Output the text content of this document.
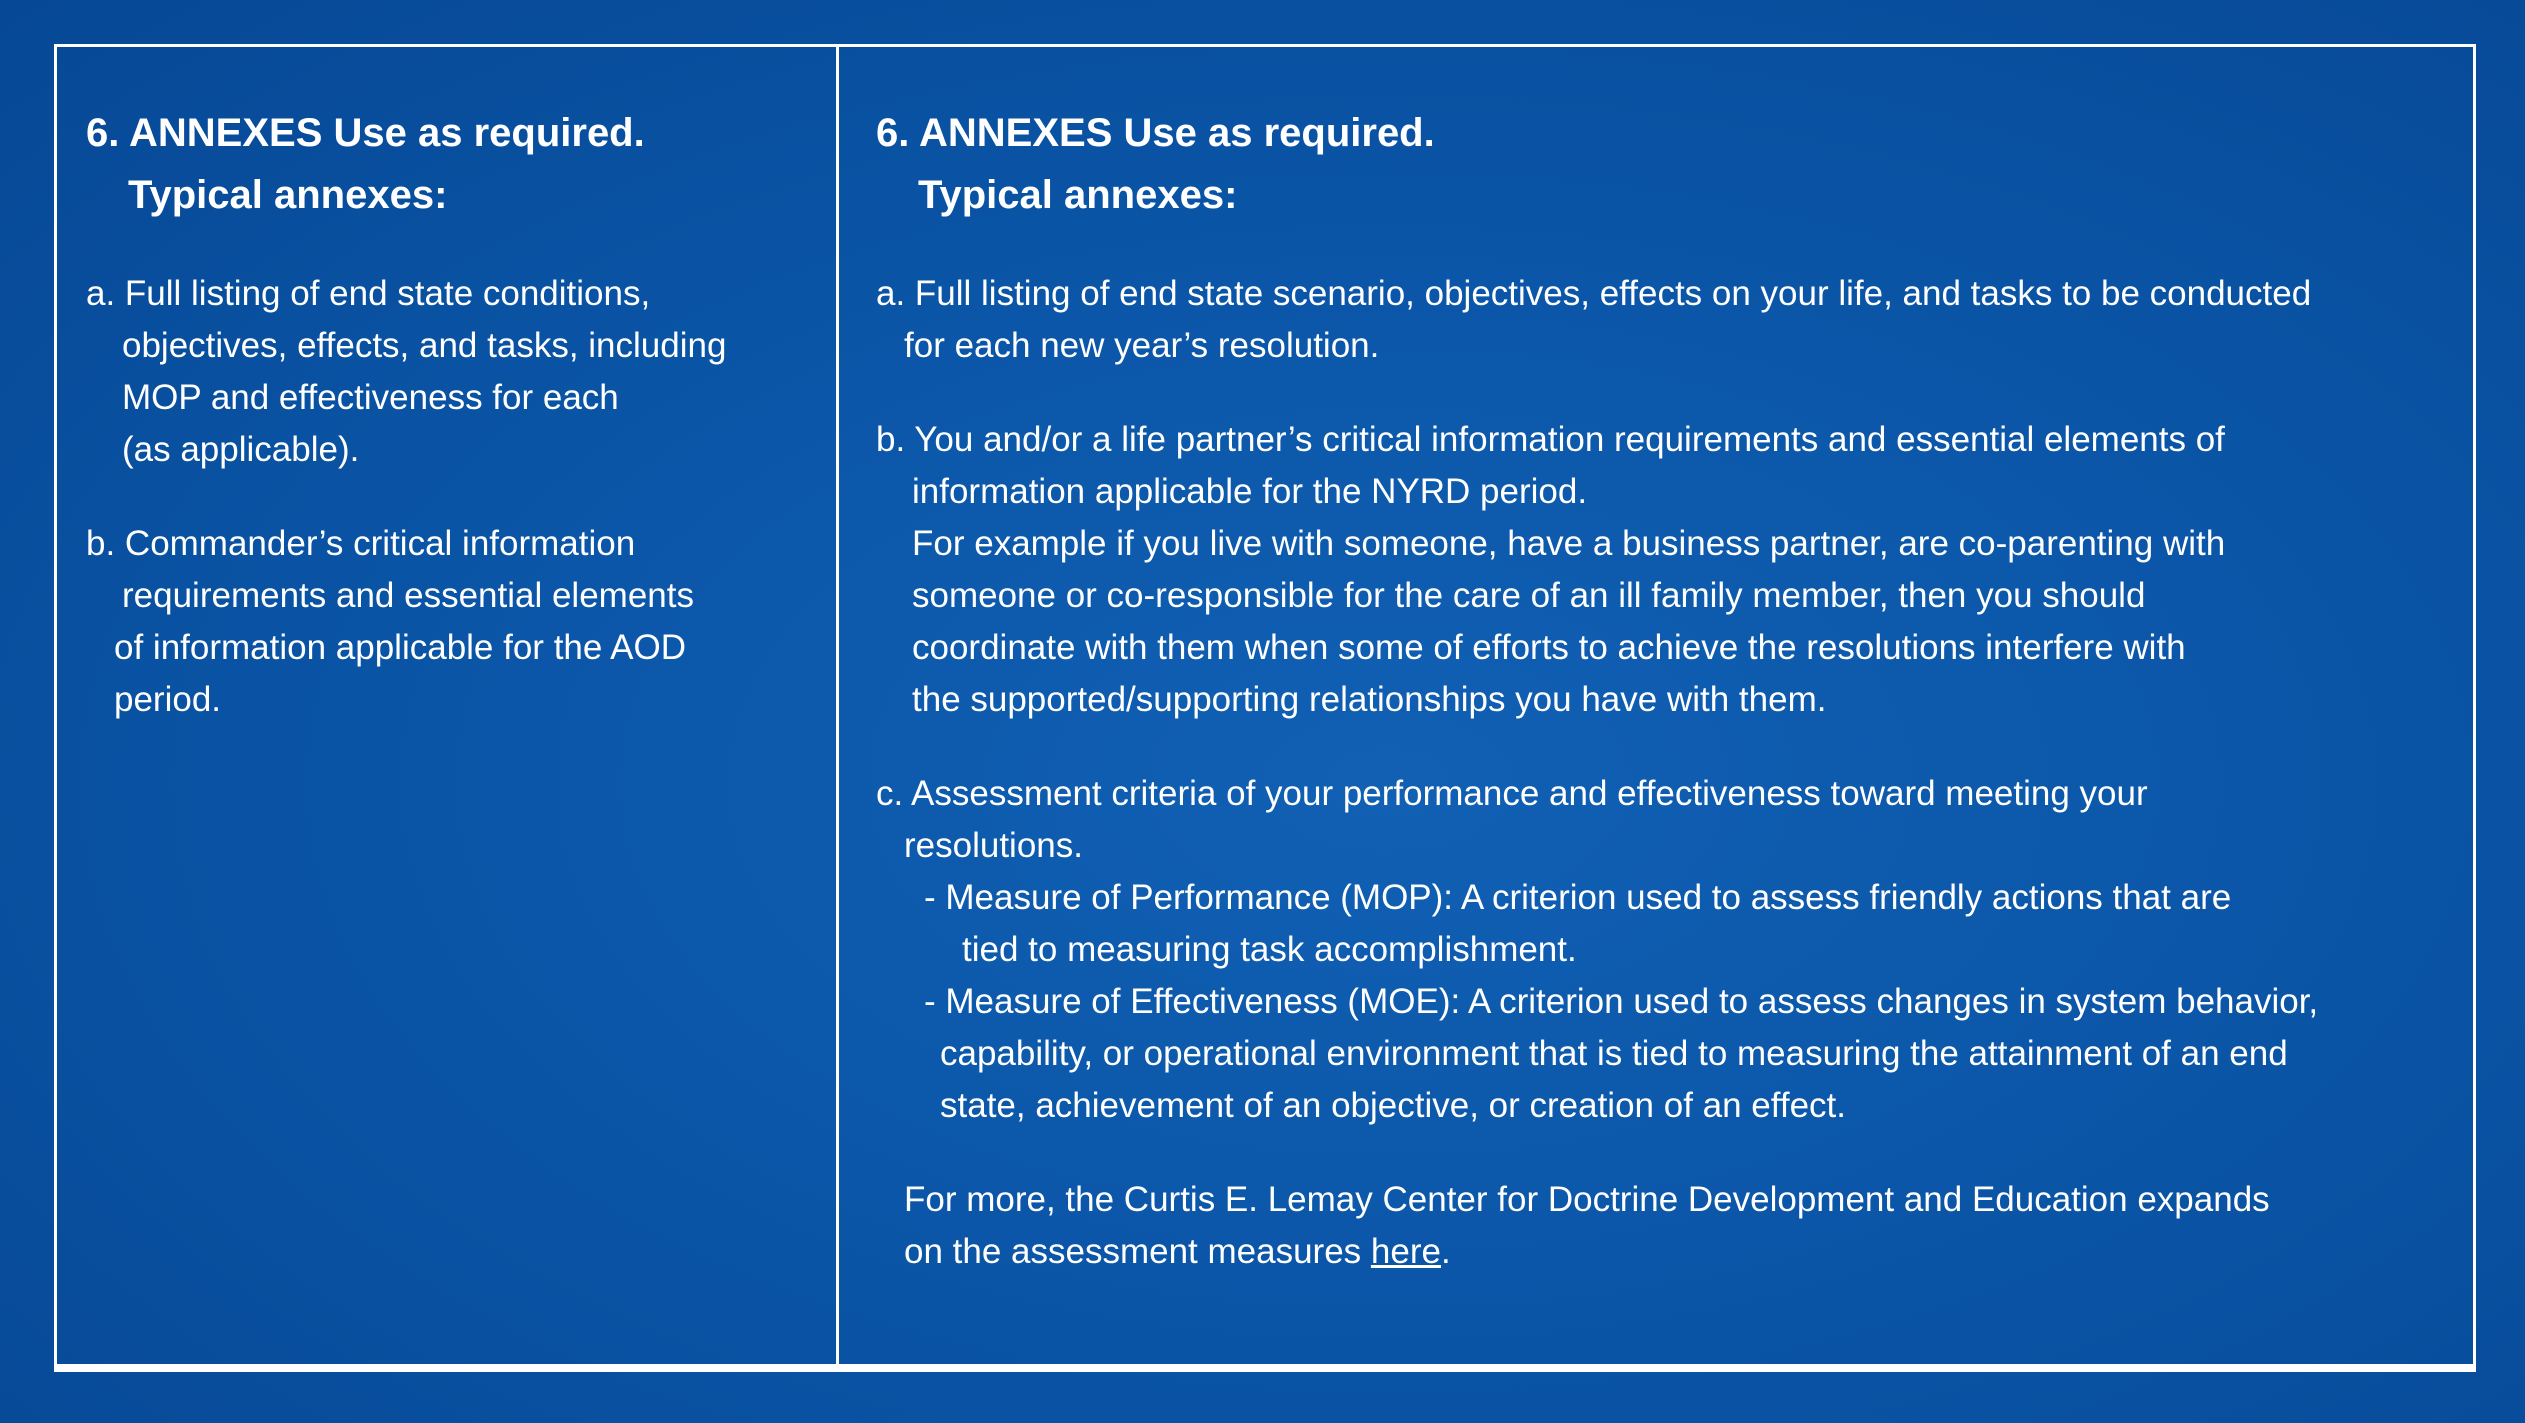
6. ANNEXES Use as required.
Typical annexes:
a. Full listing of end state conditions,
objectives, effects, and tasks, including
MOP and effectiveness for each
(as applicable).
b. Commander’s critical information
requirements and essential elements
of information applicable for the AOD
period.
6. ANNEXES Use as required.
Typical annexes:
a. Full listing of end state scenario, objectives, effects on your life, and tasks to be conducted
for each new year’s resolution.
b. You and/or a life partner’s critical information requirements and essential elements of
information applicable for the NYRD period.
For example if you live with someone, have a business partner, are co-parenting with
someone or co-responsible for the care of an ill family member, then you should
coordinate with them when some of efforts to achieve the resolutions interfere with
the supported/supporting relationships you have with them.
c. Assessment criteria of your performance and effectiveness toward meeting your
resolutions.
- Measure of Performance (MOP): A criterion used to assess friendly actions that are
tied to measuring task accomplishment.
- Measure of Effectiveness (MOE): A criterion used to assess changes in system behavior,
capability, or operational environment that is tied to measuring the attainment of an end
state, achievement of an objective, or creation of an effect.
For more, the Curtis E. Lemay Center for Doctrine Development and Education expands
on the assessment measures here.
